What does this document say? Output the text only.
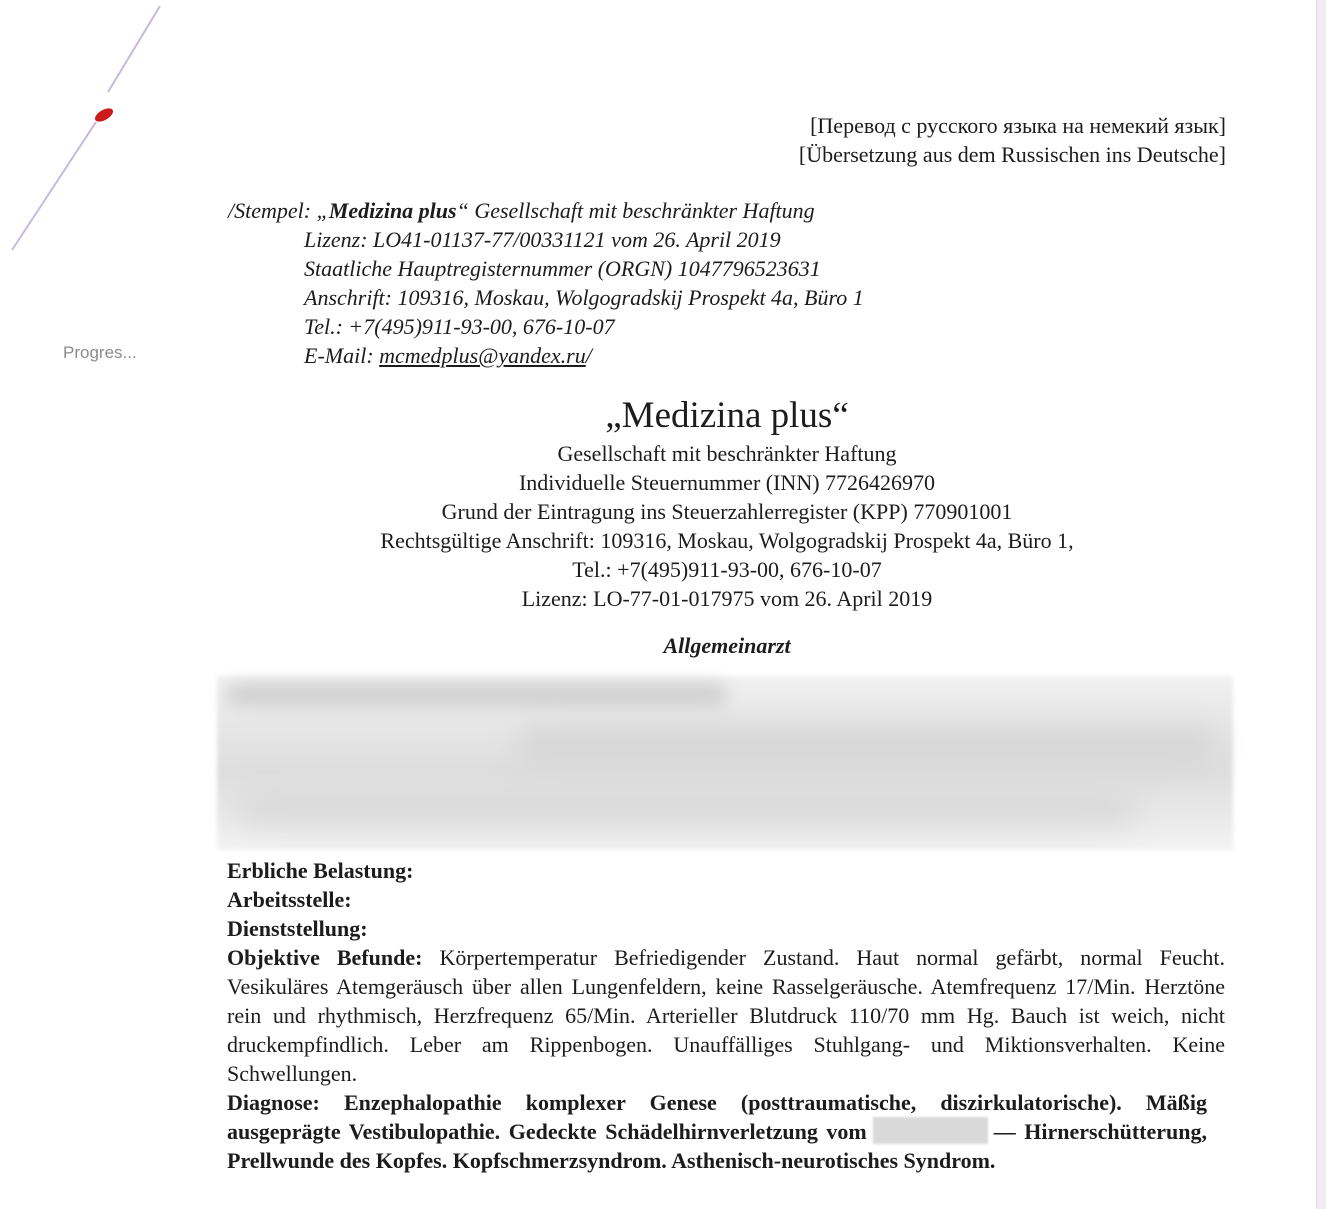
Progres...
[Перевод с русского языка на немекий язык]
[Übersetzung aus dem Russischen ins Deutsche]
/Stempel: „Medizina plus“ Gesellschaft mit beschränkter Haftung
Lizenz: LO41-01137-77/00331121 vom 26. April 2019
Staatliche Hauptregisternummer (ORGN) 1047796523631
Anschrift: 109316, Moskau, Wolgogradskij Prospekt 4a, Büro 1
Tel.: +7(495)911-93-00, 676-10-07
E-Mail: mcmedplus@yandex.ru/
„Medizina plus“
Gesellschaft mit beschränkter Haftung
Individuelle Steuernummer (INN) 7726426970
Grund der Eintragung ins Steuerzahlerregister (KPP) 770901001
Rechtsgültige Anschrift: 109316, Moskau, Wolgogradskij Prospekt 4a, Büro 1,
Tel.: +7(495)911-93-00, 676-10-07
Lizenz: LO-77-01-017975 vom 26. April 2019
Allgemeinarzt
Erbliche Belastung:
Arbeitsstelle:
Dienststellung:
Objektive Befunde: Körpertemperatur Befriedigender Zustand. Haut normal gefärbt, normal Feucht. Vesikuläres Atemgeräusch über allen Lungenfeldern, keine Rasselgeräusche. Atemfrequenz 17/Min. Herztöne rein und rhythmisch, Herzfrequenz 65/Min. Arterieller Blutdruck 110/70 mm Hg. Bauch ist weich, nicht druckempfindlich. Leber am Rippenbogen. Unauffälliges Stuhlgang- und Miktionsverhalten. Keine Schwellungen.
Diagnose: Enzephalopathie komplexer Genese (posttraumatische, diszirkulatorische). Mäßig ausgeprägte Vestibulopathie. Gedeckte Schädelhirnverletzung vom	— Hirnerschütterung, Prellwunde des Kopfes. Kopfschmerzsyndrom. Asthenisch-neurotisches Syndrom.
